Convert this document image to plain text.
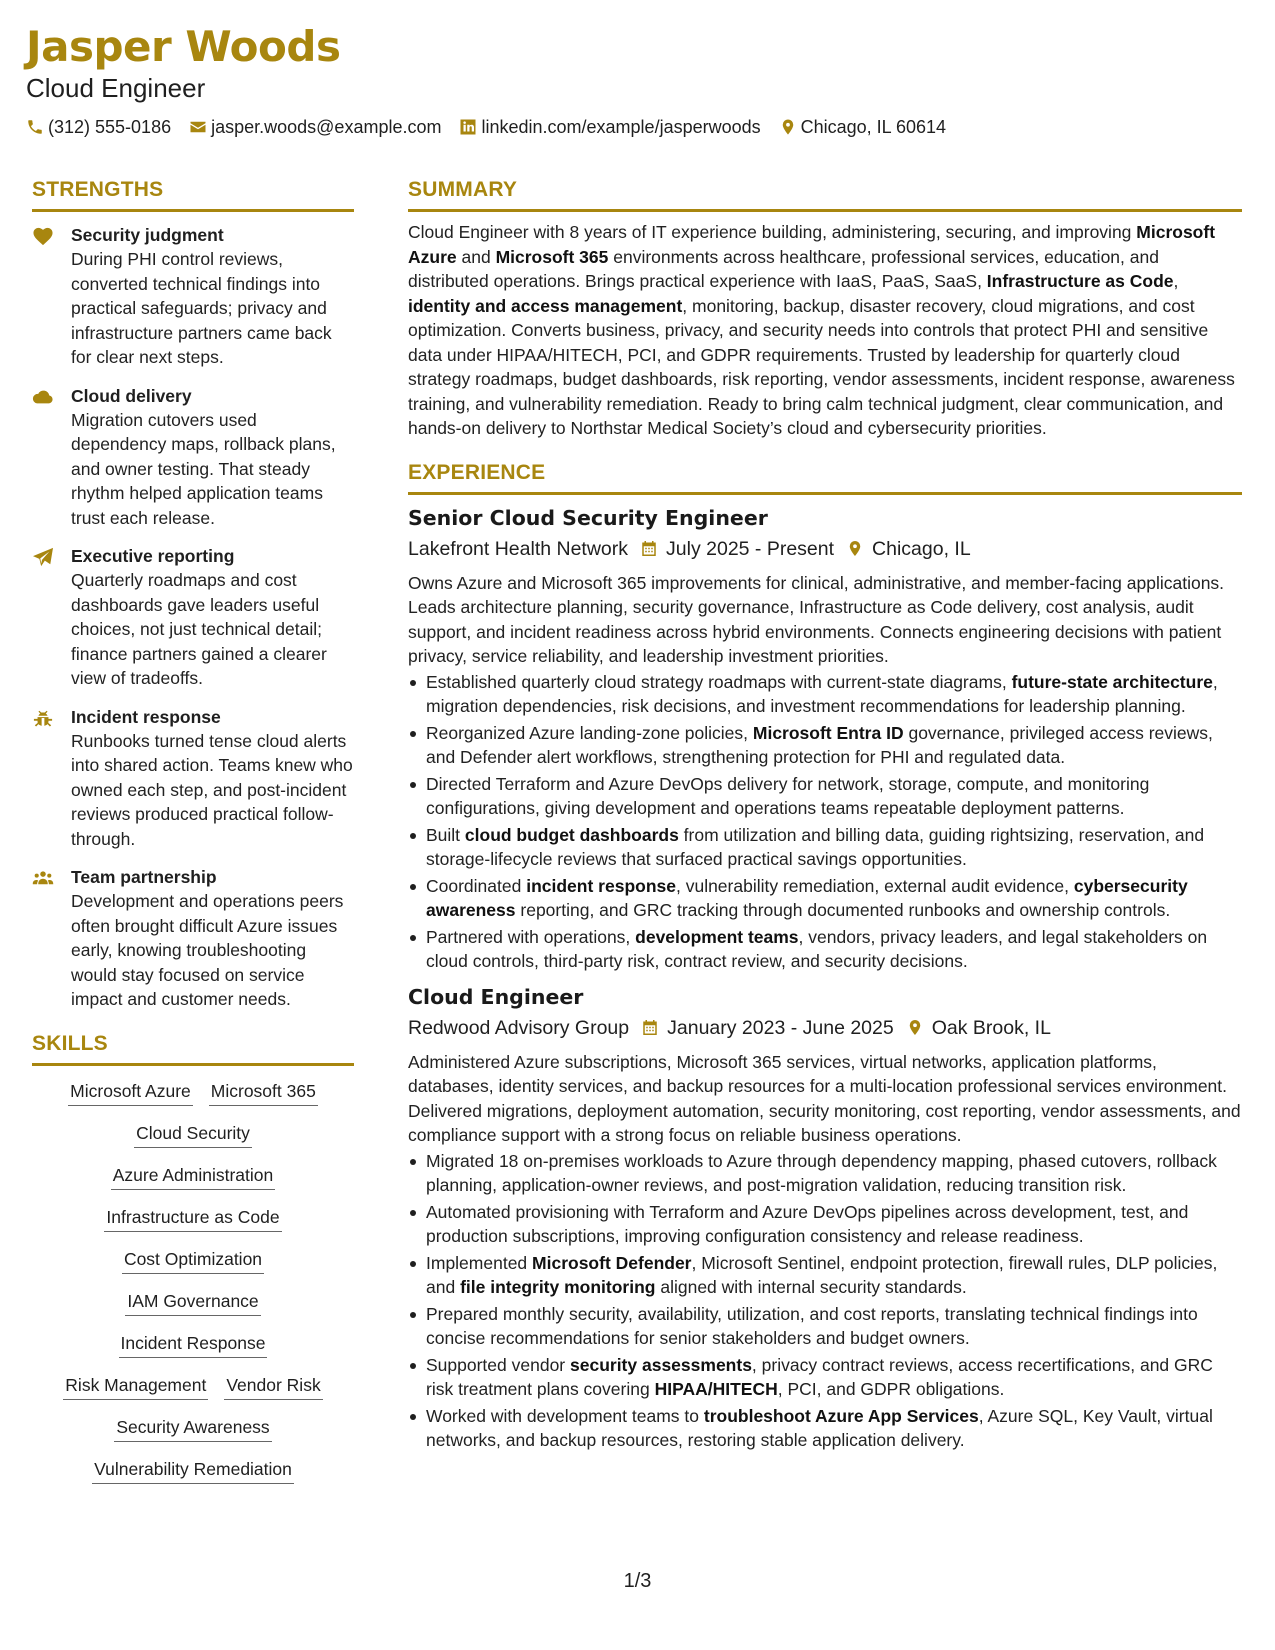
Jasper Woods
Cloud Engineer
(312) 555-0186 jasper.woods@example.com linkedin.com/example/jasperwoods Chicago, IL 60614
STRENGTHS
Security judgment
During PHI control reviews, converted technical findings into practical safeguards; privacy and infrastructure partners came back for clear next steps.
Cloud delivery
Migration cutovers used dependency maps, rollback plans, and owner testing. That steady rhythm helped application teams trust each release.
Executive reporting
Quarterly roadmaps and cost dashboards gave leaders useful choices, not just technical detail; finance partners gained a clearer view of tradeoffs.
Incident response
Runbooks turned tense cloud alerts into shared action. Teams knew who owned each step, and post-incident reviews produced practical follow-through.
Team partnership
Development and operations peers often brought difficult Azure issues early, knowing troubleshooting would stay focused on service impact and customer needs.
SKILLS
Microsoft Azure Microsoft 365
Cloud Security
Azure Administration
Infrastructure as Code
Cost Optimization
IAM Governance
Incident Response
Risk Management Vendor Risk
Security Awareness
Vulnerability Remediation
SUMMARY
Cloud Engineer with 8 years of IT experience building, administering, securing, and improving Microsoft Azure and Microsoft 365 environments across healthcare, professional services, education, and distributed operations. Brings practical experience with IaaS, PaaS, SaaS, Infrastructure as Code, identity and access management, monitoring, backup, disaster recovery, cloud migrations, and cost optimization. Converts business, privacy, and security needs into controls that protect PHI and sensitive data under HIPAA/HITECH, PCI, and GDPR requirements. Trusted by leadership for quarterly cloud strategy roadmaps, budget dashboards, risk reporting, vendor assessments, incident response, awareness training, and vulnerability remediation. Ready to bring calm technical judgment, clear communication, and hands-on delivery to Northstar Medical Society’s cloud and cybersecurity priorities.
EXPERIENCE
Senior Cloud Security Engineer
Lakefront Health Network July 2025 - Present Chicago, IL
Owns Azure and Microsoft 365 improvements for clinical, administrative, and member-facing applications. Leads architecture planning, security governance, Infrastructure as Code delivery, cost analysis, audit support, and incident readiness across hybrid environments. Connects engineering decisions with patient privacy, service reliability, and leadership investment priorities.
Established quarterly cloud strategy roadmaps with current-state diagrams, future-state architecture, migration dependencies, risk decisions, and investment recommendations for leadership planning.
Reorganized Azure landing-zone policies, Microsoft Entra ID governance, privileged access reviews, and Defender alert workflows, strengthening protection for PHI and regulated data.
Directed Terraform and Azure DevOps delivery for network, storage, compute, and monitoring configurations, giving development and operations teams repeatable deployment patterns.
Built cloud budget dashboards from utilization and billing data, guiding rightsizing, reservation, and storage-lifecycle reviews that surfaced practical savings opportunities.
Coordinated incident response, vulnerability remediation, external audit evidence, cybersecurity awareness reporting, and GRC tracking through documented runbooks and ownership controls.
Partnered with operations, development teams, vendors, privacy leaders, and legal stakeholders on cloud controls, third-party risk, contract review, and security decisions.
Cloud Engineer
Redwood Advisory Group January 2023 - June 2025 Oak Brook, IL
Administered Azure subscriptions, Microsoft 365 services, virtual networks, application platforms, databases, identity services, and backup resources for a multi-location professional services environment. Delivered migrations, deployment automation, security monitoring, cost reporting, vendor assessments, and compliance support with a strong focus on reliable business operations.
Migrated 18 on-premises workloads to Azure through dependency mapping, phased cutovers, rollback planning, application-owner reviews, and post-migration validation, reducing transition risk.
Automated provisioning with Terraform and Azure DevOps pipelines across development, test, and production subscriptions, improving configuration consistency and release readiness.
Implemented Microsoft Defender, Microsoft Sentinel, endpoint protection, firewall rules, DLP policies, and file integrity monitoring aligned with internal security standards.
Prepared monthly security, availability, utilization, and cost reports, translating technical findings into concise recommendations for senior stakeholders and budget owners.
Supported vendor security assessments, privacy contract reviews, access recertifications, and GRC risk treatment plans covering HIPAA/HITECH, PCI, and GDPR obligations.
Worked with development teams to troubleshoot Azure App Services, Azure SQL, Key Vault, virtual networks, and backup resources, restoring stable application delivery.
1/3
